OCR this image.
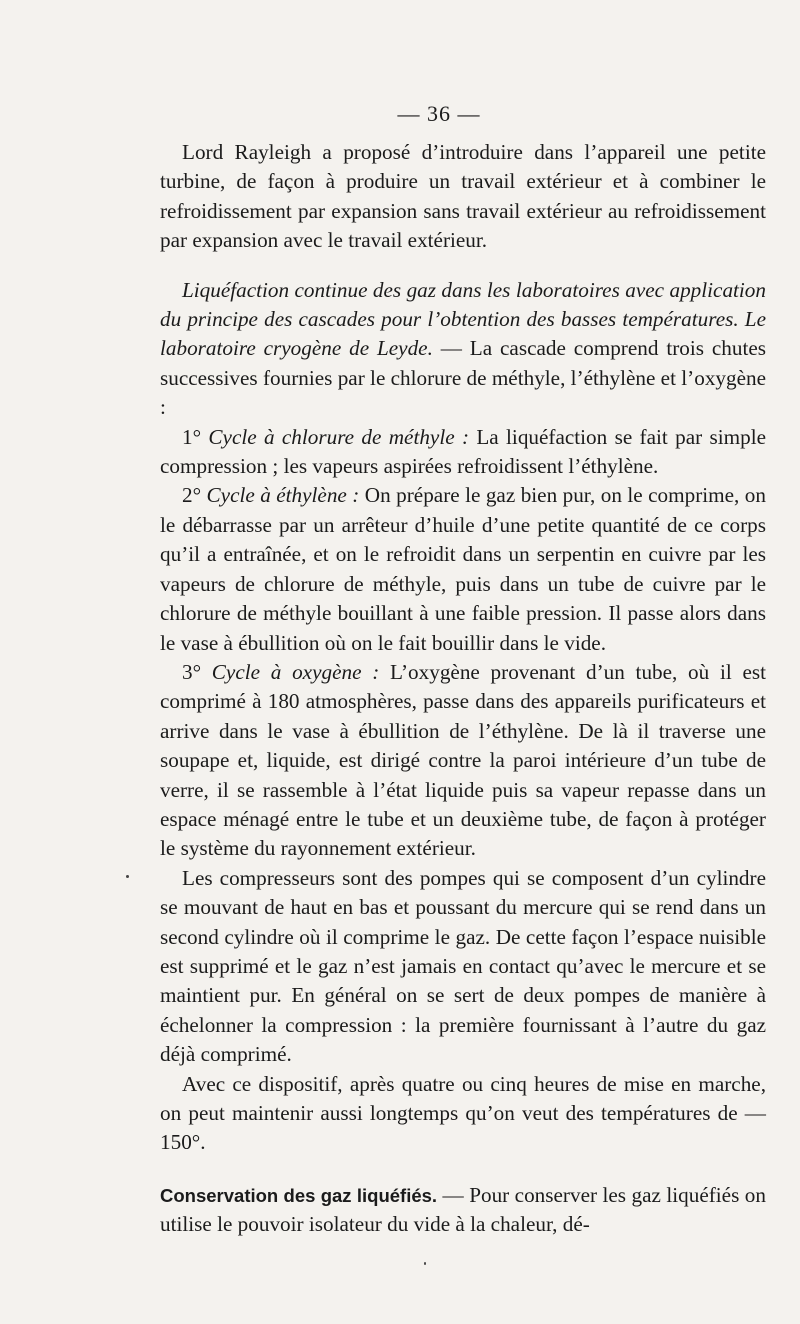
— 36 —

Lord Rayleigh a proposé d’introduire dans l’appareil une petite turbine, de façon à produire un travail extérieur et à combiner le refroidissement par expansion sans travail extérieur au refroidissement par expansion avec le travail extérieur.

Liquéfaction continue des gaz dans les laboratoires avec application du principe des cascades pour l’obtention des basses températures. Le laboratoire cryogène de Leyde. — La cascade comprend trois chutes successives fournies par le chlorure de méthyle, l’éthylène et l’oxygène :

1° Cycle à chlorure de méthyle : La liquéfaction se fait par simple compression ; les vapeurs aspirées refroidissent l’éthylène.

2° Cycle à éthylène : On prépare le gaz bien pur, on le comprime, on le débarrasse par un arrêteur d’huile d’une petite quantité de ce corps qu’il a entraînée, et on le refroidit dans un serpentin en cuivre par les vapeurs de chlorure de méthyle, puis dans un tube de cuivre par le chlorure de méthyle bouillant à une faible pression. Il passe alors dans le vase à ébullition où on le fait bouillir dans le vide.

3° Cycle à oxygène : L’oxygène provenant d’un tube, où il est comprimé à 180 atmosphères, passe dans des appareils purificateurs et arrive dans le vase à ébullition de l’éthylène. De là il traverse une soupape et, liquide, est dirigé contre la paroi intérieure d’un tube de verre, il se rassemble à l’état liquide puis sa vapeur repasse dans un espace ménagé entre le tube et un deuxième tube, de façon à protéger le système du rayonnement extérieur.

Les compresseurs sont des pompes qui se composent d’un cylindre se mouvant de haut en bas et poussant du mercure qui se rend dans un second cylindre où il comprime le gaz. De cette façon l’espace nuisible est supprimé et le gaz n’est jamais en contact qu’avec le mercure et se maintient pur. En général on se sert de deux pompes de manière à échelonner la compression : la première fournissant à l’autre du gaz déjà comprimé.

Avec ce dispositif, après quatre ou cinq heures de mise en marche, on peut maintenir aussi longtemps qu’on veut des températures de —150°.

Conservation des gaz liquéfiés. — Pour conserver les gaz liquéfiés on utilise le pouvoir isolateur du vide à la chaleur, dé-
